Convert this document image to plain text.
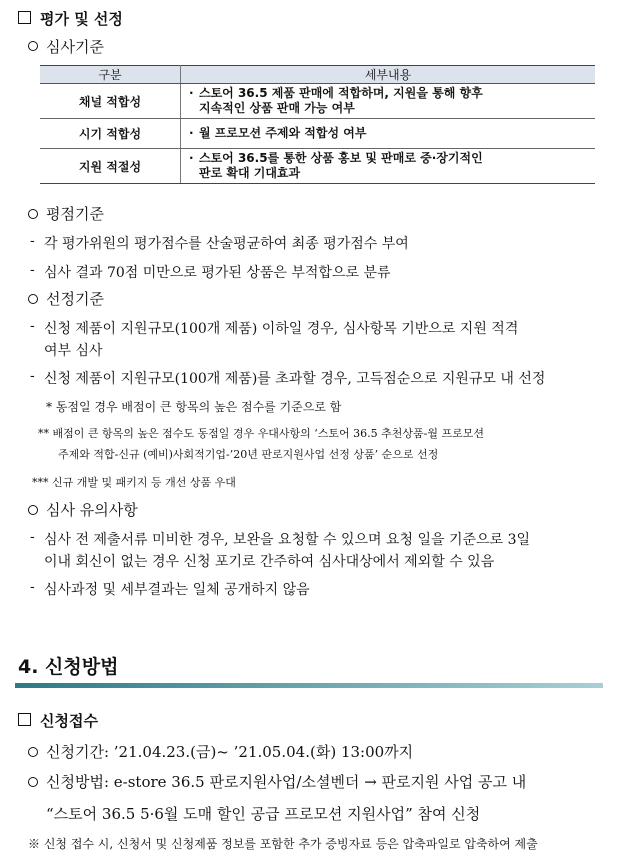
평가 및 선정
심사기준
구분	세부내용
채널 적합성	· 스토어 36.5 제품 판매에 적합하며, 지원을 통해 향후
지속적인 상품 판매 가능 여부

시기 적합성	· 월 프로모션 주제와 적합성 여부

지원 적절성	· 스토어 36.5를 통한 상품 홍보 및 판매로 중·장기적인
판로 확대 기대효과
평점기준
- 각 평가위원의 평가점수를 산술평균하여 최종 평가점수 부여
- 심사 결과 70점 미만으로 평가된 상품은 부적합으로 분류
선정기준
- 신청 제품이 지원규모(100개 제품) 이하일 경우, 심사항목 기반으로 지원 적격
여부 심사
- 신청 제품이 지원규모(100개 제품)를 초과할 경우, 고득점순으로 지원규모 내 선정
* 동점일 경우 배점이 큰 항목의 높은 점수를 기준으로 함
** 배점이 큰 항목의 높은 점수도 동점일 경우 우대사항의 ‘스토어 36.5 추천상품-월 프로모션
주제와 적합-신규 (예비)사회적기업-’20년 판로지원사업 선정 상품’ 순으로 선정
*** 신규 개발 및 패키지 등 개선 상품 우대
심사 유의사항
- 심사 전 제출서류 미비한 경우, 보완을 요청할 수 있으며 요청 일을 기준으로 3일
이내 회신이 없는 경우 신청 포기로 간주하여 심사대상에서 제외할 수 있음
- 심사과정 및 세부결과는 일체 공개하지 않음
4. 신청방법
신청접수
신청기간: ’21.04.23.(금)~ ’21.05.04.(화) 13:00까지
신청방법: e-store 36.5 판로지원사업/소셜벤더 → 판로지원 사업 공고 내
“스토어 36.5 5·6월 도매 할인 공급 프로모션 지원사업” 참여 신청
※ 신청 접수 시, 신청서 및 신청제품 정보를 포함한 추가 증빙자료 등은 압축파일로 압축하여 제출
